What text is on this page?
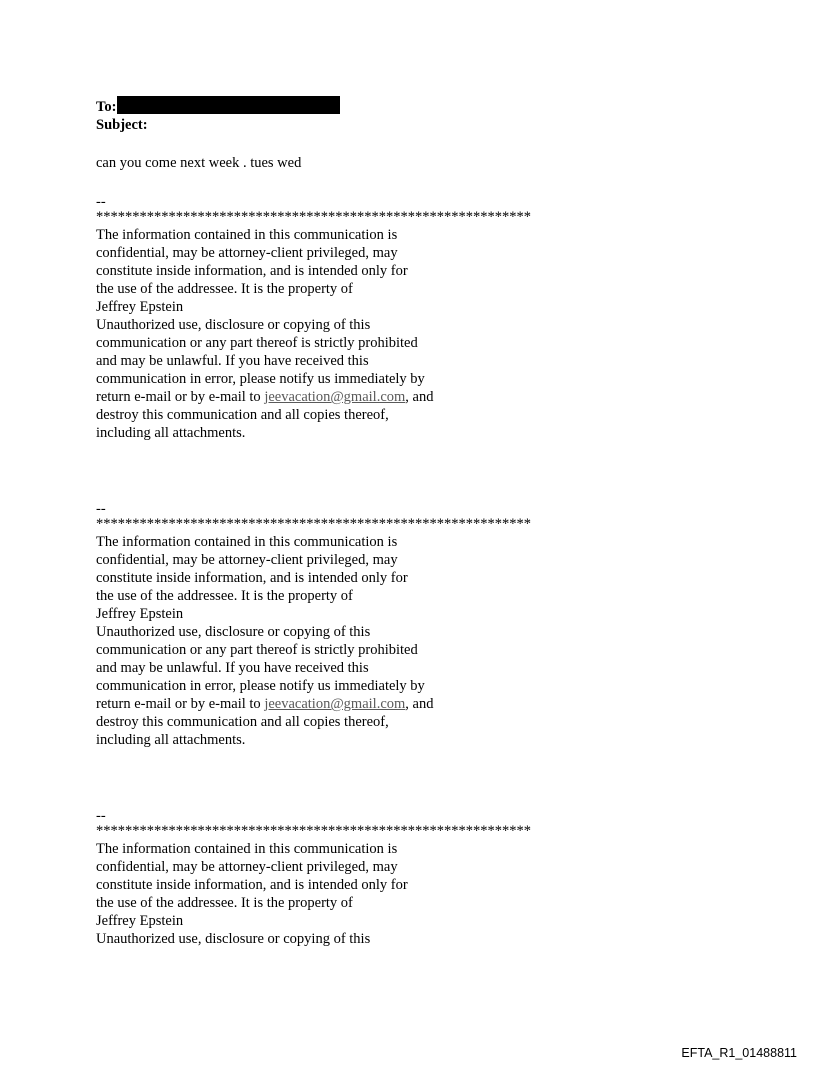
To:
Subject:
can you come next week . tues wed
--
************************************************************
The information contained in this communication is
confidential, may be attorney-client privileged, may
constitute inside information, and is intended only for
the use of the addressee. It is the property of
Jeffrey Epstein
Unauthorized use, disclosure or copying of this
communication or any part thereof is strictly prohibited
and may be unlawful. If you have received this
communication in error, please notify us immediately by
return e-mail or by e-mail to jeevacation@gmail.com, and
destroy this communication and all copies thereof,
including all attachments.
--
************************************************************
The information contained in this communication is
confidential, may be attorney-client privileged, may
constitute inside information, and is intended only for
the use of the addressee. It is the property of
Jeffrey Epstein
Unauthorized use, disclosure or copying of this
communication or any part thereof is strictly prohibited
and may be unlawful. If you have received this
communication in error, please notify us immediately by
return e-mail or by e-mail to jeevacation@gmail.com, and
destroy this communication and all copies thereof,
including all attachments.
--
************************************************************
The information contained in this communication is
confidential, may be attorney-client privileged, may
constitute inside information, and is intended only for
the use of the addressee. It is the property of
Jeffrey Epstein
Unauthorized use, disclosure or copying of this
EFTA_R1_01488811
